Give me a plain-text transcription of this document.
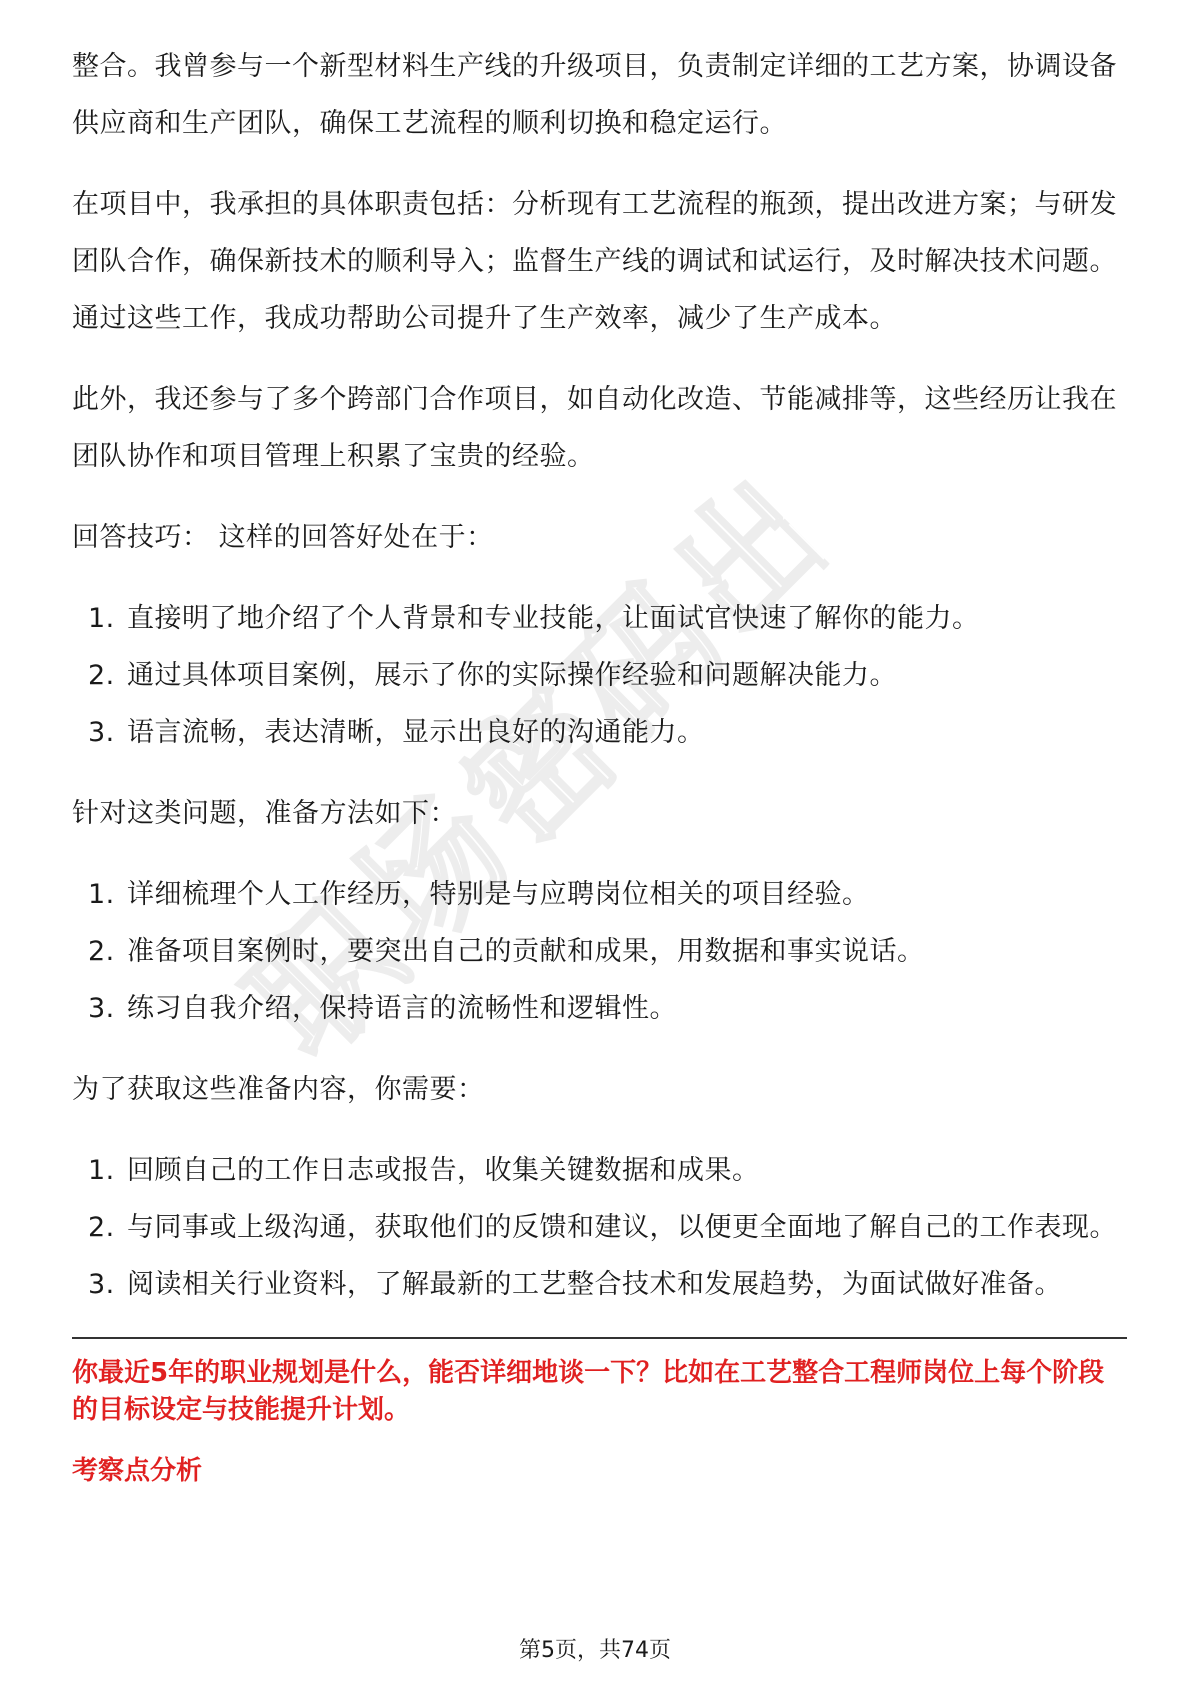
职场密码出品

整合。我曾参与一个新型材料生产线的升级项目，负责制定详细的工艺方案，协调设备供应商和生产团队，确保工艺流程的顺利切换和稳定运行。

在项目中，我承担的具体职责包括：分析现有工艺流程的瓶颈，提出改进方案；与研发团队合作，确保新技术的顺利导入；监督生产线的调试和试运行，及时解决技术问题。通过这些工作，我成功帮助公司提升了生产效率，减少了生产成本。

此外，我还参与了多个跨部门合作项目，如自动化改造、节能减排等，这些经历让我在团队协作和项目管理上积累了宝贵的经验。

回答技巧： 这样的回答好处在于：

1. 直接明了地介绍了个人背景和专业技能，让面试官快速了解你的能力。
2. 通过具体项目案例，展示了你的实际操作经验和问题解决能力。
3. 语言流畅，表达清晰，显示出良好的沟通能力。

针对这类问题，准备方法如下：

1. 详细梳理个人工作经历，特别是与应聘岗位相关的项目经验。
2. 准备项目案例时，要突出自己的贡献和成果，用数据和事实说话。
3. 练习自我介绍，保持语言的流畅性和逻辑性。

为了获取这些准备内容，你需要：

1. 回顾自己的工作日志或报告，收集关键数据和成果。
2. 与同事或上级沟通，获取他们的反馈和建议，以便更全面地了解自己的工作表现。
3. 阅读相关行业资料，了解最新的工艺整合技术和发展趋势，为面试做好准备。

你最近5年的职业规划是什么，能否详细地谈一下？比如在工艺整合工程师岗位上每个阶段的目标设定与技能提升计划。

考察点分析

第5页，共74页
